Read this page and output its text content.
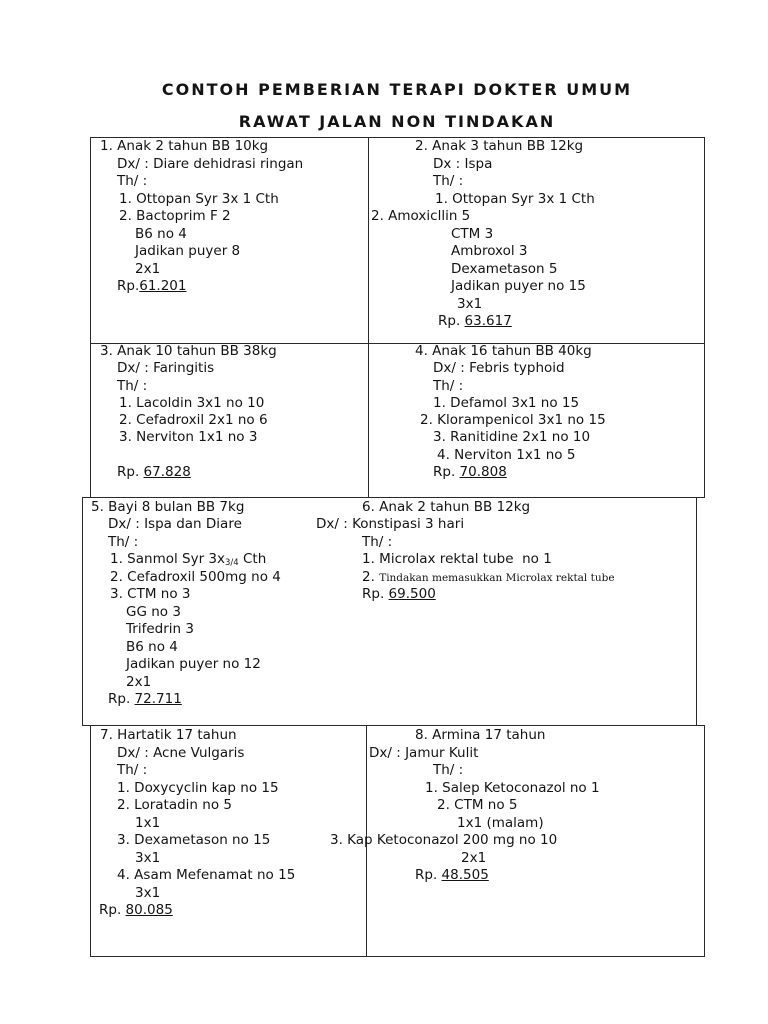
CONTOH PEMBERIAN TERAPI DOKTER UMUM
RAWAT JALAN NON TINDAKAN
1. Anak 2 tahun BB 10kg
Dx/ : Diare dehidrasi ringan
Th/ :
1. Ottopan Syr 3x 1 Cth
2. Bactoprim F 2
B6 no 4
Jadikan puyer 8
2x1
Rp.61.201
2. Anak 3 tahun BB 12kg
Dx : Ispa
Th/ :
1. Ottopan Syr 3x 1 Cth
2. Amoxicllin 5
CTM 3
Ambroxol 3
Dexametason 5
Jadikan puyer no 15
3x1
Rp. 63.617
3. Anak 10 tahun BB 38kg
Dx/ : Faringitis
Th/ :
1. Lacoldin 3x1 no 10
2. Cefadroxil 2x1 no 6
3. Nerviton 1x1 no 3
Rp. 67.828
4. Anak 16 tahun BB 40kg
Dx/ : Febris typhoid
Th/ :
1. Defamol 3x1 no 15
2. Klorampenicol 3x1 no 15
3. Ranitidine 2x1 no 10
4. Nerviton 1x1 no 5
Rp. 70.808
5. Bayi 8 bulan BB 7kg
Dx/ : Ispa dan Diare
Th/ :
1. Sanmol Syr 3x3/4 Cth
2. Cefadroxil 500mg no 4
3. CTM no 3
GG no 3
Trifedrin 3
B6 no 4
Jadikan puyer no 12
2x1
Rp. 72.711
6. Anak 2 tahun BB 12kg
Dx/ : Konstipasi 3 hari
Th/ :
1. Microlax rektal tube  no 1
2. Tindakan memasukkan Microlax rektal tube
Rp. 69.500
7. Hartatik 17 tahun
Dx/ : Acne Vulgaris
Th/ :
1. Doxycyclin kap no 15
2. Loratadin no 5
1x1
3. Dexametason no 15
3x1
4. Asam Mefenamat no 15
3x1
Rp. 80.085
8. Armina 17 tahun
Dx/ : Jamur Kulit
Th/ :
1. Salep Ketoconazol no 1
2. CTM no 5
1x1 (malam)
3. Kap Ketoconazol 200 mg no 10
2x1
Rp. 48.505
